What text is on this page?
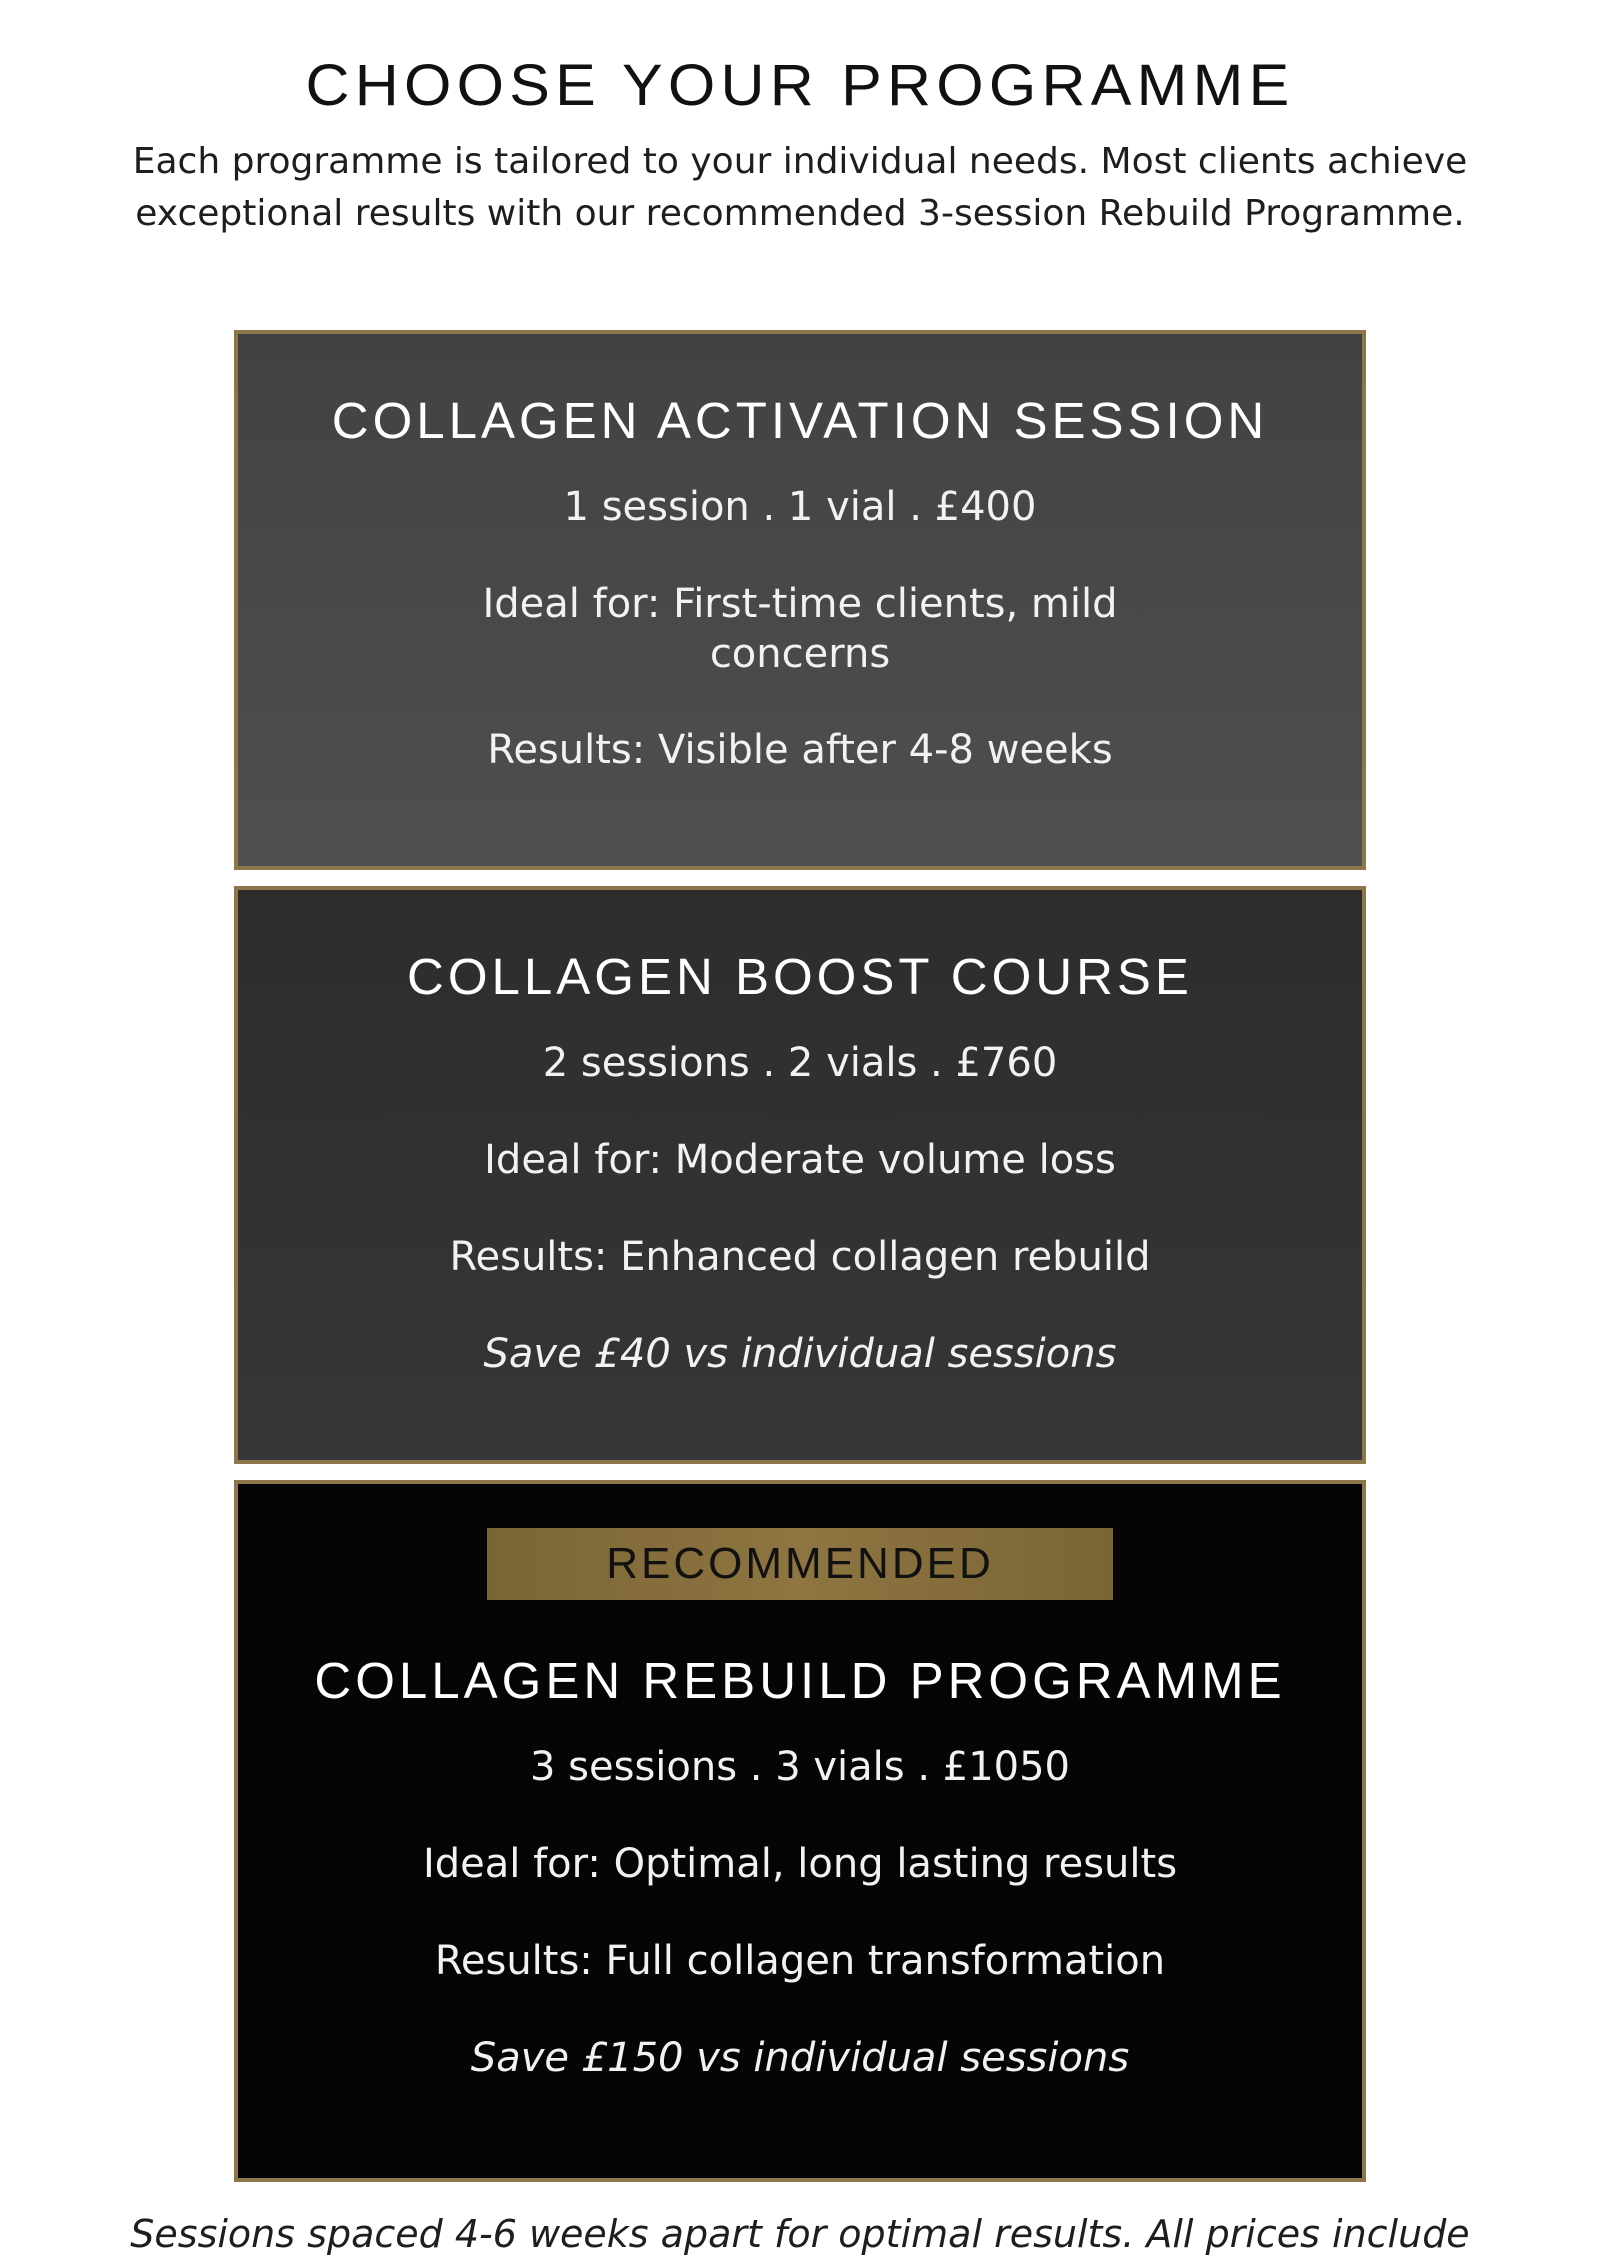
CHOOSE YOUR PROGRAMME

Each programme is tailored to your individual needs. Most clients achieve exceptional results with our recommended 3-session Rebuild Programme.

COLLAGEN ACTIVATION SESSION

1 session . 1 vial . £400

Ideal for: First-time clients, mild concerns

Results: Visible after 4-8 weeks

COLLAGEN BOOST COURSE

2 sessions . 2 vials . £760

Ideal for: Moderate volume loss

Results: Enhanced collagen rebuild

Save £40 vs individual sessions

RECOMMENDED
COLLAGEN REBUILD PROGRAMME

3 sessions . 3 vials . £1050

Ideal for: Optimal, long lasting results

Results: Full collagen transformation

Save £150 vs individual sessions

Sessions spaced 4-6 weeks apart for optimal results. All prices include
